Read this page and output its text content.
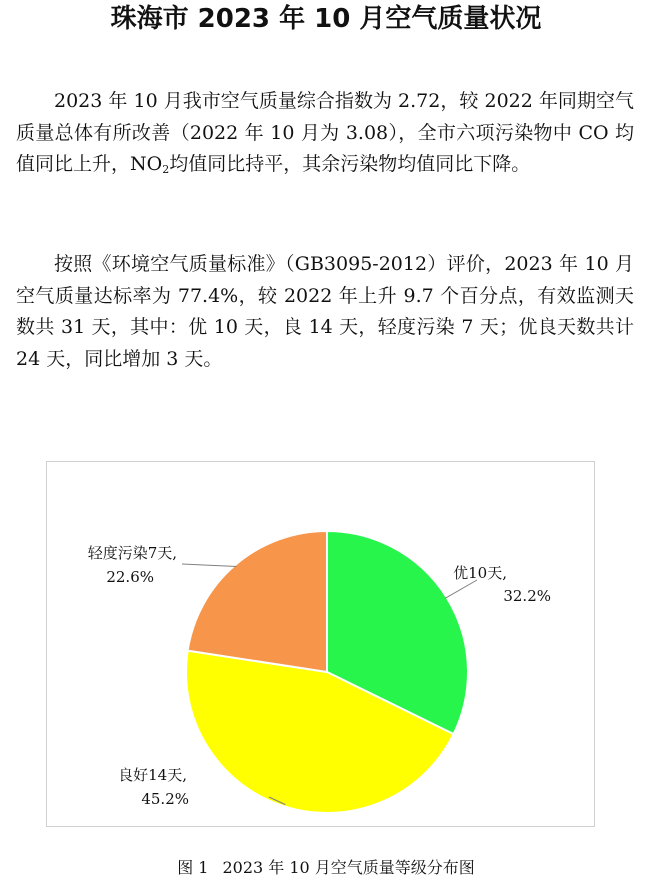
珠海市 2023 年 10 月空气质量状况

2023 年 10 月我市空气质量综合指数为 2.72，较 2022 年同期空气质量总体有所改善（2022 年 10 月为 3.08），全市六项污染物中 CO 均值同比上升，$NO_2$均值同比持平，其余污染物均值同比下降。

按照《环境空气质量标准》（GB3095-2012）评价，2023 年 10 月空气质量达标率为 77.4%，较 2022 年上升 9.7 个百分点，有效监测天数共 31 天，其中：优 10 天，良 14 天，轻度污染 7 天；优良天数共计 24 天，同比增加 3 天。

优10天,
32.2%
良好14天,
45.2%
轻度污染7天,
22.6%

图 1 2023 年 10 月空气质量等级分布图
